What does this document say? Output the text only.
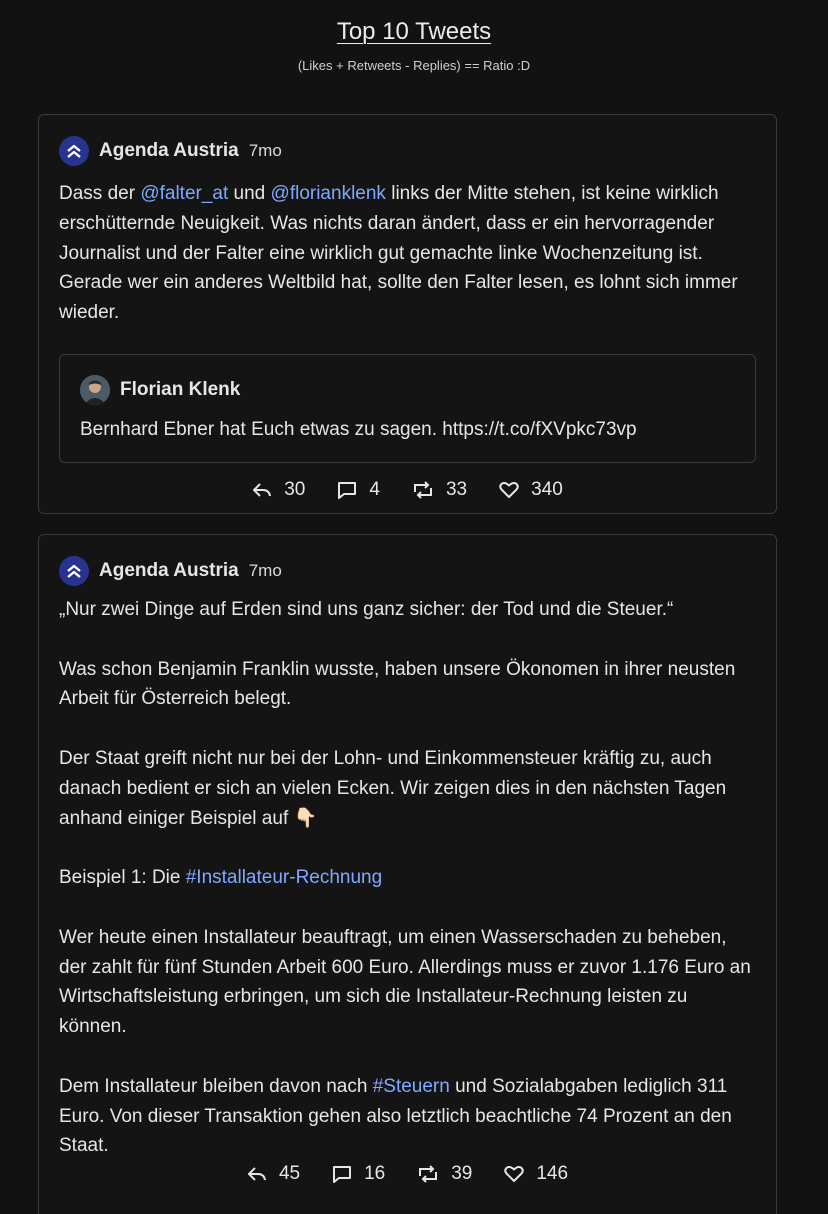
Top 10 Tweets
(Likes + Retweets - Replies) == Ratio :D
Agenda Austria 7mo
Dass der @falter_at und @florianklenk links der Mitte stehen, ist keine wirklich erschütternde Neuigkeit. Was nichts daran ändert, dass er ein hervorragender Journalist und der Falter eine wirklich gut gemachte linke Wochenzeitung ist. Gerade wer ein anderes Weltbild hat, sollte den Falter lesen, es lohnt sich immer wieder.
Florian Klenk
Bernhard Ebner hat Euch etwas zu sagen. https://t.co/fXVpkc73vp
30	4	33	340
Agenda Austria 7mo
„Nur zwei Dinge auf Erden sind uns ganz sicher: der Tod und die Steuer.“

Was schon Benjamin Franklin wusste, haben unsere Ökonomen in ihrer neusten Arbeit für Österreich belegt.

Der Staat greift nicht nur bei der Lohn- und Einkommensteuer kräftig zu, auch danach bedient er sich an vielen Ecken. Wir zeigen dies in den nächsten Tagen anhand einiger Beispiel auf 👇🏻

Beispiel 1: Die #Installateur-Rechnung

Wer heute einen Installateur beauftragt, um einen Wasserschaden zu beheben, der zahlt für fünf Stunden Arbeit 600 Euro. Allerdings muss er zuvor 1.176 Euro an Wirtschaftsleistung erbringen, um sich die Installateur-Rechnung leisten zu können.

Dem Installateur bleiben davon nach #Steuern und Sozialabgaben lediglich 311 Euro. Von dieser Transaktion gehen also letztlich beachtliche 74 Prozent an den Staat.
45	16	39	146
